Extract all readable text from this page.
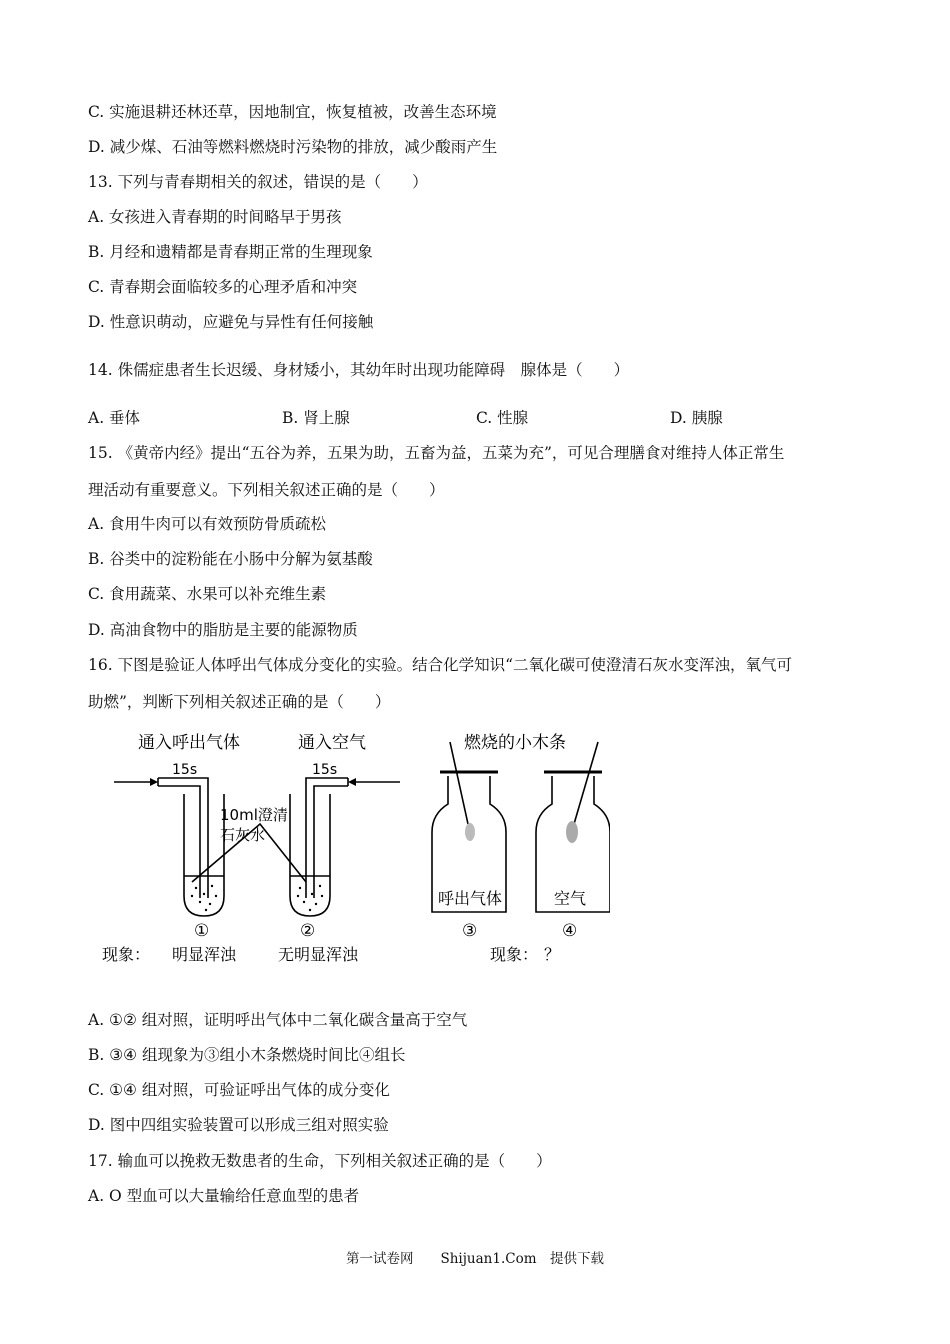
C. 实施退耕还林还草，因地制宜，恢复植被，改善生态环境
D. 减少煤、石油等燃料燃烧时污染物的排放，减少酸雨产生
13. 下列与青春期相关的叙述，错误的是（　　）
A. 女孩进入青春期的时间略早于男孩
B. 月经和遗精都是青春期正常的生理现象
C. 青春期会面临较多的心理矛盾和冲突
D. 性意识萌动，应避免与异性有任何接触
14. 侏儒症患者生长迟缓、身材矮小，其幼年时出现功能障碍　腺体是（　　）
A. 垂体	B. 肾上腺	C. 性腺	D. 胰腺
15. 《黄帝内经》提出“五谷为养，五果为助，五畜为益，五菜为充”，可见合理膳食对维持人体正常生
理活动有重要意义。下列相关叙述正确的是（　　）
A. 食用牛肉可以有效预防骨质疏松
B. 谷类中的淀粉能在小肠中分解为氨基酸
C. 食用蔬菜、水果可以补充维生素
D. 高油食物中的脂肪是主要的能源物质
16. 下图是验证人体呼出气体成分变化的实验。结合化学知识“二氧化碳可使澄清石灰水变浑浊，氧气可
助燃”，判断下列相关叙述正确的是（　　）
通入呼出气体	通入空气
15s	15s
10ml澄清
石灰水
燃烧的小木条
呼出气体	空气
①	②	③	④
现象： 明显浑浊	无明显浑浊	现象： ？
A. ①② 组对照，证明呼出气体中二氧化碳含量高于空气
B. ③④ 组现象为③组小木条燃烧时间比④组长
C. ①④ 组对照，可验证呼出气体的成分变化
D. 图中四组实验装置可以形成三组对照实验
17. 输血可以挽救无数患者的生命，下列相关叙述正确的是（　　）
A. O 型血可以大量输给任意血型的患者
第一试卷网　　Shijuan1.Com　提供下载
